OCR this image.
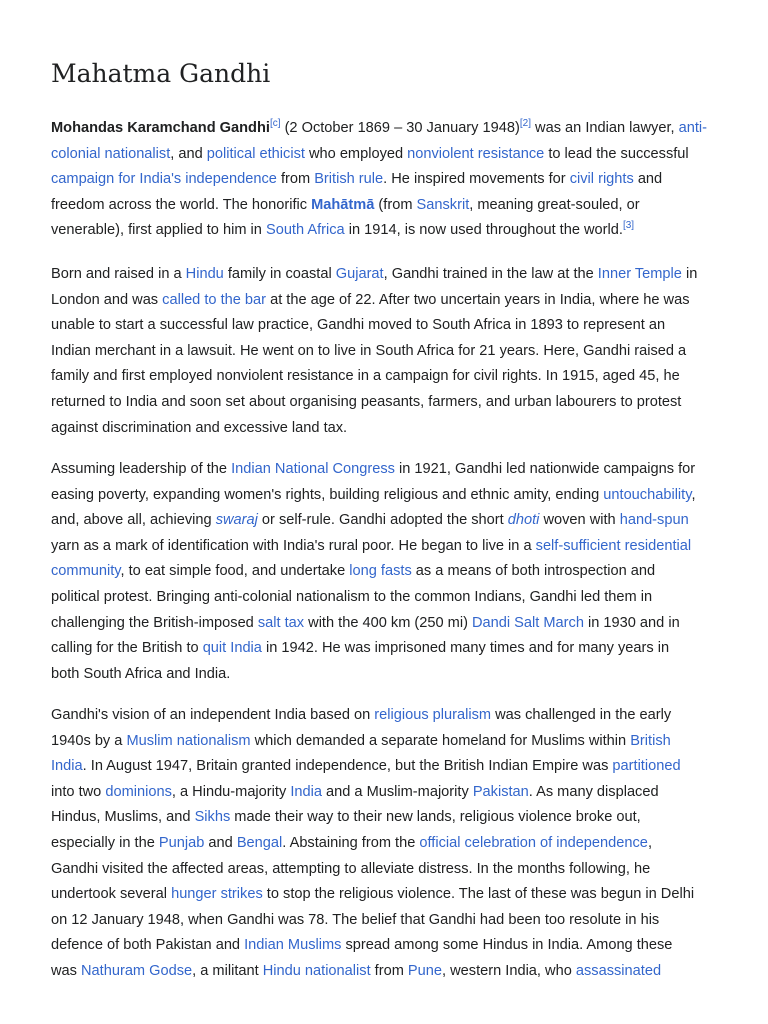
Mahatma Gandhi
Mohandas Karamchand Gandhi[c] (2 October 1869 – 30 January 1948)[2] was an Indian lawyer, anti-
colonial nationalist, and political ethicist who employed nonviolent resistance to lead the successful
campaign for India's independence from British rule. He inspired movements for civil rights and
freedom across the world. The honorific Mahātmā (from Sanskrit, meaning great-souled, or
venerable), first applied to him in South Africa in 1914, is now used throughout the world.[3]
Born and raised in a Hindu family in coastal Gujarat, Gandhi trained in the law at the Inner Temple in
London and was called to the bar at the age of 22. After two uncertain years in India, where he was
unable to start a successful law practice, Gandhi moved to South Africa in 1893 to represent an
Indian merchant in a lawsuit. He went on to live in South Africa for 21 years. Here, Gandhi raised a
family and first employed nonviolent resistance in a campaign for civil rights. In 1915, aged 45, he
returned to India and soon set about organising peasants, farmers, and urban labourers to protest
against discrimination and excessive land tax.
Assuming leadership of the Indian National Congress in 1921, Gandhi led nationwide campaigns for
easing poverty, expanding women's rights, building religious and ethnic amity, ending untouchability,
and, above all, achieving swaraj or self-rule. Gandhi adopted the short dhoti woven with hand-spun
yarn as a mark of identification with India's rural poor. He began to live in a self-sufficient residential
community, to eat simple food, and undertake long fasts as a means of both introspection and
political protest. Bringing anti-colonial nationalism to the common Indians, Gandhi led them in
challenging the British-imposed salt tax with the 400 km (250 mi) Dandi Salt March in 1930 and in
calling for the British to quit India in 1942. He was imprisoned many times and for many years in
both South Africa and India.
Gandhi's vision of an independent India based on religious pluralism was challenged in the early
1940s by a Muslim nationalism which demanded a separate homeland for Muslims within British
India. In August 1947, Britain granted independence, but the British Indian Empire was partitioned
into two dominions, a Hindu-majority India and a Muslim-majority Pakistan. As many displaced
Hindus, Muslims, and Sikhs made their way to their new lands, religious violence broke out,
especially in the Punjab and Bengal. Abstaining from the official celebration of independence,
Gandhi visited the affected areas, attempting to alleviate distress. In the months following, he
undertook several hunger strikes to stop the religious violence. The last of these was begun in Delhi
on 12 January 1948, when Gandhi was 78. The belief that Gandhi had been too resolute in his
defence of both Pakistan and Indian Muslims spread among some Hindus in India. Among these
was Nathuram Godse, a militant Hindu nationalist from Pune, western India, who assassinated
